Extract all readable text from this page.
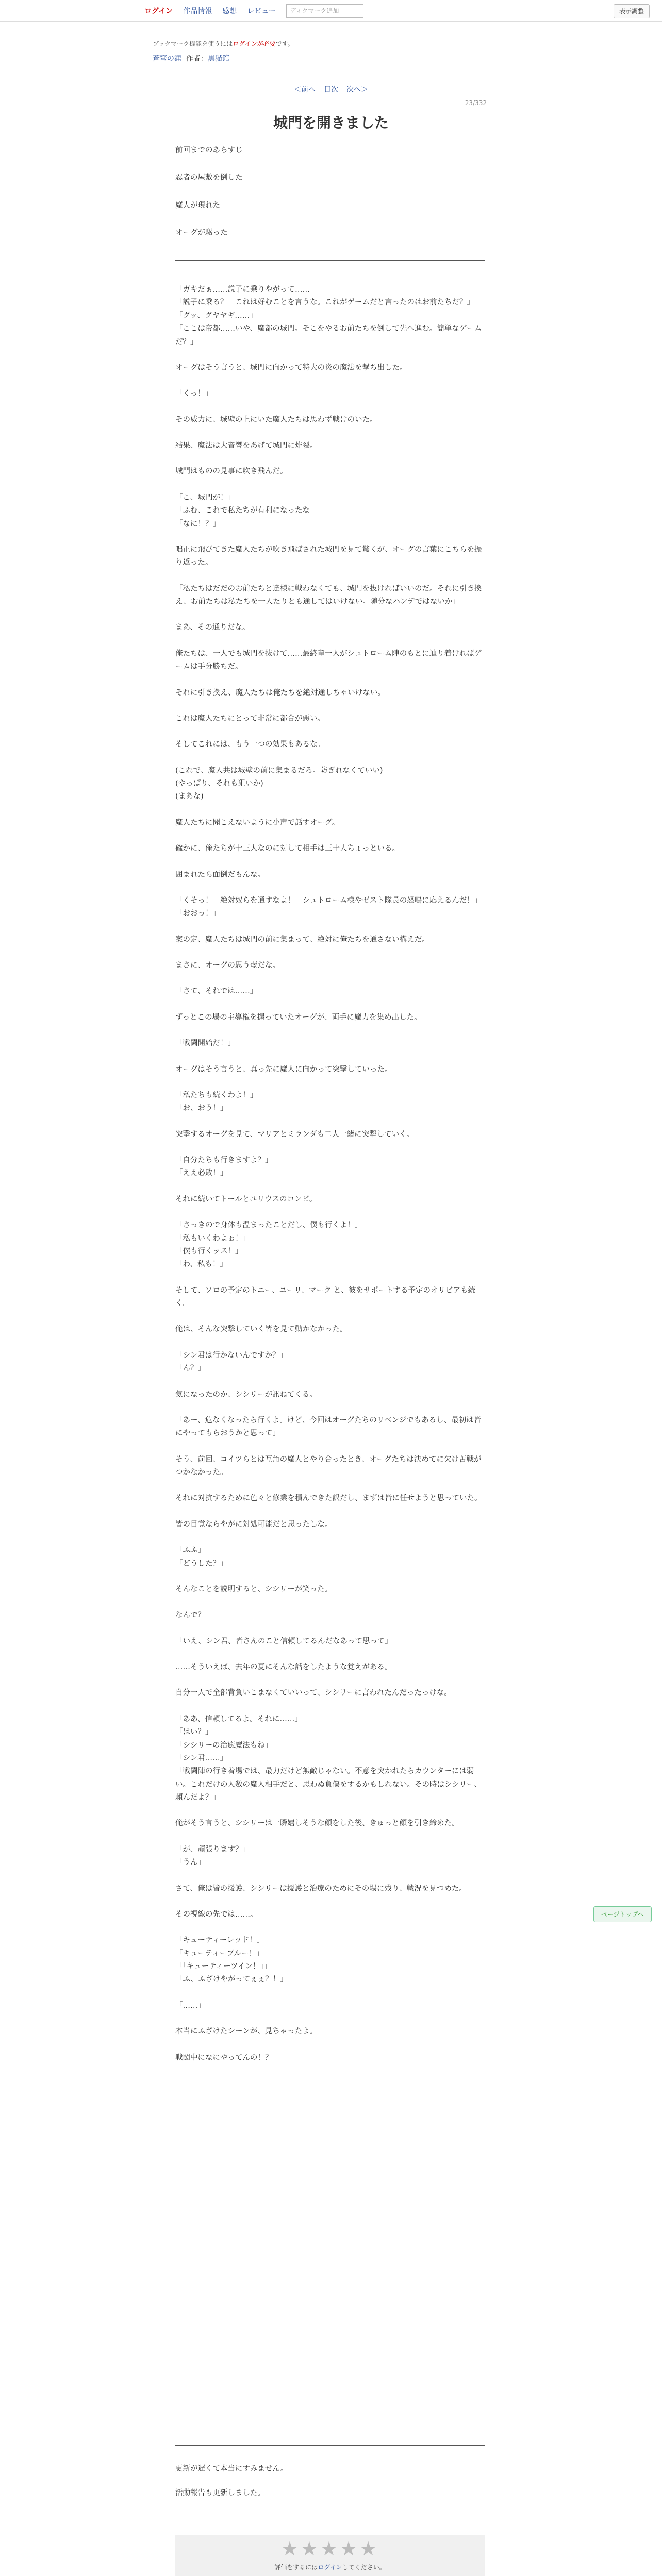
ログイン 作品情報 感想 レビュー	ディクマーク追加	表示調整
ブックマーク機能を使うにはログインが必要です。
蒼穹の涯 作者：黒猫館
＜前へ 目次 次へ＞
23/332
城門を開きました

前回までのあらすじ

忍者の屋敷を倒した

魔人が現れた

オーグが駆った

「ガキだぁ……説子に乗りやがって……」
「説子に乗る？　これは好むことを言うな。これがゲームだと言ったのはお前たちだ？」
「グッ、グヤヤギ……」
「ここは帝都……いや、魔都の城門。そこをやるお前たちを倒して先へ進む。簡単なゲームだ？」

オーグはそう言うと、城門に向かって特大の炎の魔法を撃ち出した。

「くっ！」

その威力に、城壁の上にいた魔人たちは思わず戦けのいた。

結果、魔法は大音響をあげて城門に炸裂。

城門はものの見事に吹き飛んだ。

「こ、城門が！」
「ふむ、これで私たちが有利になったな」
「なに！？」

咄正に飛びてきた魔人たちが吹き飛ばされた城門を見て驚くが、オーグの言葉にこちらを振り返った。

「私たちはだだのお前たちと達様に戦わなくても、城門を抜ければいいのだ。それに引き換え、お前たちは私たちを一人たりとも通してはいけない。随分なハンデではないか」

まあ、その通りだな。

俺たちは、一人でも城門を抜けて……最終竜一人がシュトローム陣のもとに辿り着ければゲームは手分勝ちだ。

それに引き換え、魔人たちは俺たちを絶対通しちゃいけない。

これは魔人たちにとって非常に都合が悪い。

そしてこれには、もう一つの効果もあるな。

(これで、魔人共は城壁の前に集まるだろ。防ぎれなくていい)
(やっぱり、それも狙いか)
(まあな)

魔人たちに聞こえないように小声で話すオーグ。

確かに、俺たちが十三人なのに対して相手は三十人ちょっといる。

囲まれたら面倒だもんな。

「くそっ！　絶対奴らを通すなよ！　シュトローム様やゼスト隊長の怒鳴に応えるんだ！」
「おおっ！」

案の定、魔人たちは城門の前に集まって、絶対に俺たちを通さない構えだ。

まさに、オーグの思う壺だな。

「さて、それでは……」

ずっとこの場の主導権を握っていたオーグが、両手に魔力を集め出した。

「戦闘開始だ！」

オーグはそう言うと、真っ先に魔人に向かって突撃していった。

「私たちも続くわよ！」
「お、おう！」

突撃するオーグを見て、マリアとミランダも二人一緒に突撃していく。

「自分たちも行きますよ？」
「ええ必敗！」

それに続いてトールとユリウスのコンビ。

「さっきので身体も温まったことだし、僕も行くよ！」
「私もいくわよぉ！」
「僕も行くッス！」
「わ、私も！」

そして、ソロの予定のトニー、ユーリ、マーク と、彼をサポートする予定のオリビアも続く。

俺は、そんな突撃していく皆を見て動かなかった。

「シン君は行かないんですか？」
「ん？」

気になったのか、シシリーが訊ねてくる。

「あー、危なくなったら行くよ。けど、今回はオーグたちのリベンジでもあるし、最初は皆にやってもらおうかと思って」

そう、前回、コイツらとは互角の魔人とやり合ったとき、オーグたちは決めてに欠け苦戦がつかなかった。

それに対抗するために色々と修業を積んできた訳だし、まずは皆に任せようと思っていた。

皆の目覚ならやがに対処可能だと思ったしな。

「ふふ」
「どうした？」

そんなことを説明すると、シシリーが笑った。

なんで？

「いえ、シン君、皆さんのこと信頼してるんだなあって思って」

……そういえば、去年の夏にそんな話をしたような覚えがある。

自分一人で全部背負いこまなくていいって、シシリーに言われたんだったっけな。

「ああ、信頼してるよ。それに……」
「はい？」
「シシリーの治癒魔法もね」
「シン君……」
「戦闘陣の行き着場では、最力だけど無敵じゃない。不意を突かれたらカウンターには弱い。これだけの人数の魔人相手だと、思わぬ負傷をするかもしれない。その時はシシリー、頼んだよ？」

俺がそう言うと、シシリーは一瞬嬉しそうな顔をした後、きゅっと顔を引き締めた。

「が、頑張ります？」
「うん」

さて、俺は皆の援護、シシリーは援護と治療のためにその場に残り、戦況を見つめた。

その視線の先では……。

「キューティーレッド！」
「キューティーブルー！」
「「キューティーツイン！」」
「ふ、ふざけやがってぇぇ？！」

「……」

本当にふざけたシーンが、見ちゃったよ。

戦闘中になにやってんの！？

更新が遅くて本当にすみません。

活動報告も更新しました。

ページトップへ
★★★★★
評価をするにはログインしてください。
